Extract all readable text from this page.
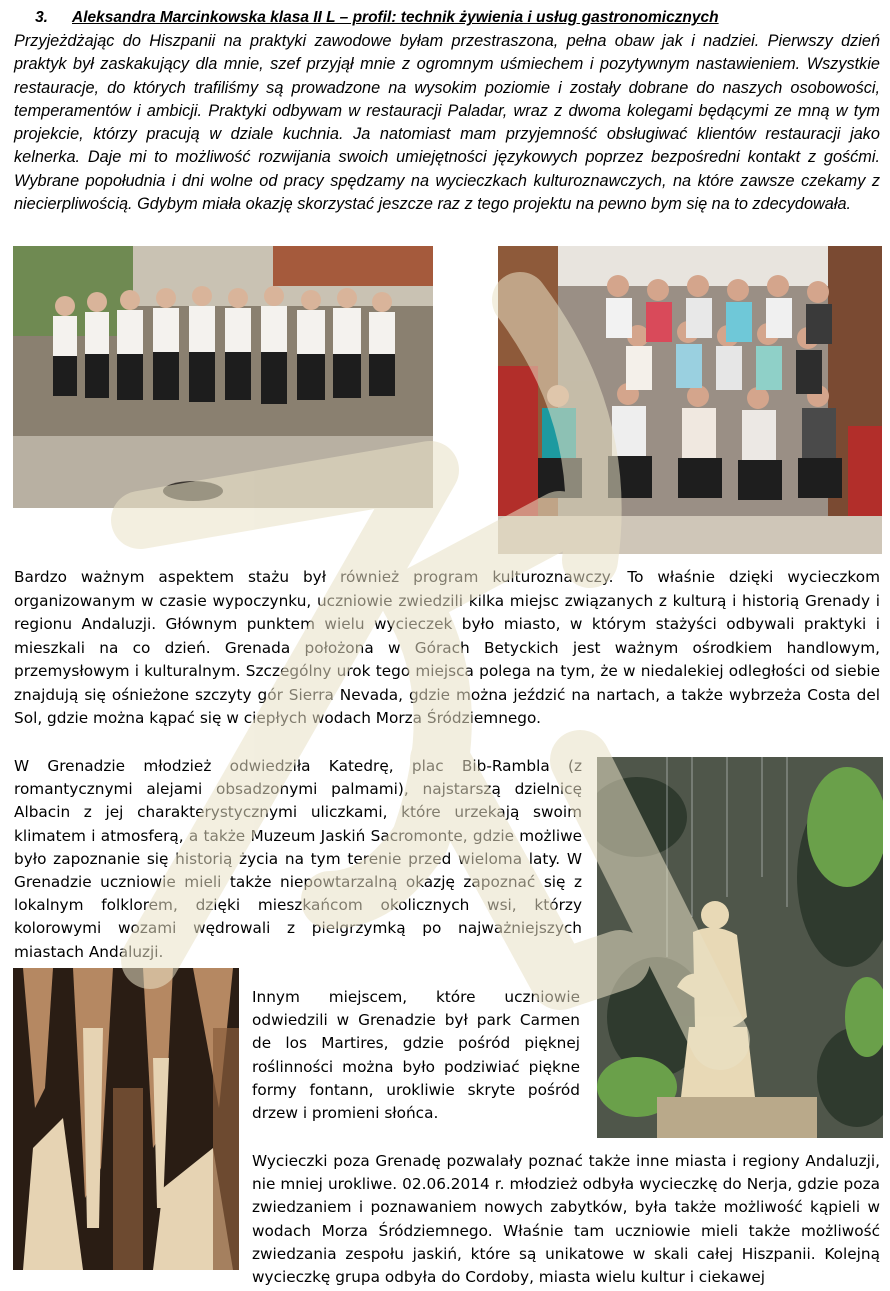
3. Aleksandra Marcinkowska klasa II L – profil: technik żywienia i usług gastronomicznych

Przyjeżdżając do Hiszpanii na praktyki zawodowe byłam przestraszona, pełna obaw jak i nadziei. Pierwszy dzień praktyk był zaskakujący dla mnie, szef przyjął mnie z ogromnym uśmiechem i pozytywnym nastawieniem. Wszystkie restauracje, do których trafiliśmy są prowadzone na wysokim poziomie i zostały dobrane do naszych osobowości, temperamentów i ambicji. Praktyki odbywam w restauracji Paladar, wraz z dwoma kolegami będącymi ze mną w tym projekcie, którzy pracują w dziale kuchnia. Ja natomiast mam przyjemność obsługiwać klientów restauracji jako kelnerka. Daje mi to możliwość rozwijania swoich umiejętności językowych poprzez bezpośredni kontakt z gośćmi. Wybrane popołudnia i dni wolne od pracy spędzamy na wycieczkach kulturoznawczych, na które zawsze czekamy z niecierpliwością. Gdybym miała okazję skorzystać jeszcze raz z tego projektu na pewno bym się na to zdecydowała.

Bardzo ważnym aspektem stażu był również program kulturoznawczy. To właśnie dzięki wycieczkom organizowanym w czasie wypoczynku, uczniowie zwiedzili kilka miejsc związanych z kulturą i historią Grenady i regionu Andaluzji. Głównym punktem wielu wycieczek było miasto, w którym stażyści odbywali praktyki i mieszkali na co dzień. Grenada położona w Górach Betyckich jest ważnym ośrodkiem handlowym, przemysłowym i kulturalnym. Szczególny urok tego miejsca polega na tym, że w niedalekiej odległości od siebie znajdują się ośnieżone szczyty gór Sierra Nevada, gdzie można jeździć na nartach, a także wybrzeża Costa del Sol, gdzie można kąpać się w ciepłych wodach Morza Śródziemnego.

W Grenadzie młodzież odwiedziła Katedrę, plac Bib-Rambla (z romantycznymi alejami obsadzonymi palmami), najstarszą dzielnicę Albacin z jej charakterystycznymi uliczkami, które urzekają swoim klimatem i atmosferą, a także Muzeum Jaskiń Sacromonte, gdzie możliwe było zapoznanie się historią życia na tym terenie przed wieloma laty. W Grenadzie uczniowie mieli także niepowtarzalną okazję zapoznać się z lokalnym folklorem, dzięki mieszkańcom okolicznych wsi, którzy kolorowymi wozami wędrowali z pielgrzymką po najważniejszych miastach Andaluzji.

Innym miejscem, które uczniowie odwiedzili w Grenadzie był park Carmen de los Martires, gdzie pośród pięknej roślinności można było podziwiać piękne formy fontann, urokliwie skryte pośród drzew i promieni słońca.

Wycieczki poza Grenadę pozwalały poznać także inne miasta i regiony Andaluzji, nie mniej urokliwe. 02.06.2014 r. młodzież odbyła wycieczkę do Nerja, gdzie poza zwiedzaniem i poznawaniem nowych zabytków, była także możliwość kąpieli w wodach Morza Śródziemnego. Właśnie tam uczniowie mieli także możliwość zwiedzania zespołu jaskiń, które są unikatowe w skali całej Hiszpanii. Kolejną wycieczkę grupa odbyła do Cordoby, miasta wielu kultur i ciekawej
